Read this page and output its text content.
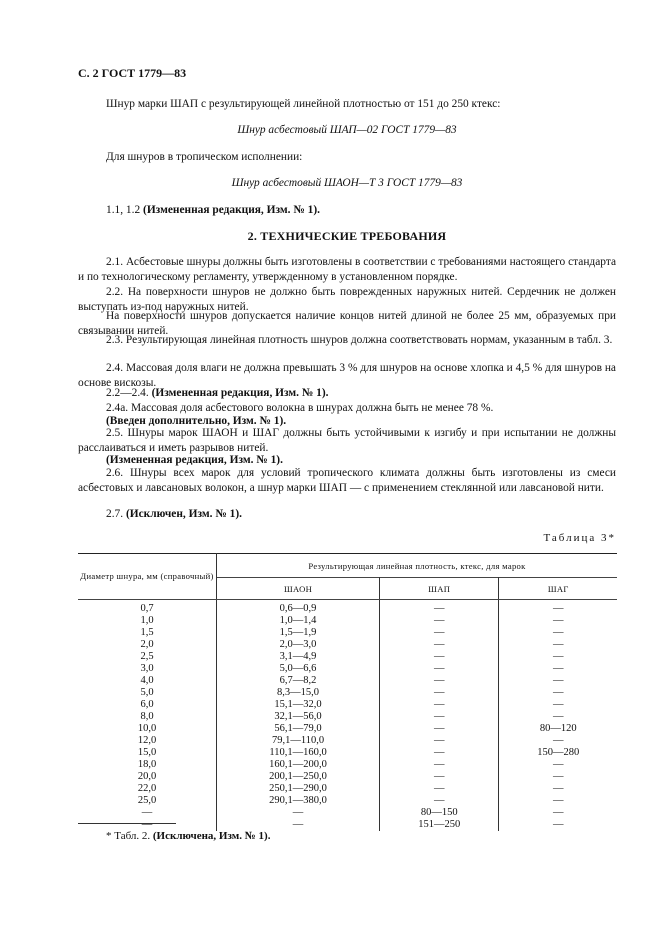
С. 2 ГОСТ 1779—83
Шнур марки ШАП с результирующей линейной плотностью от 151 до 250 ктекс:
Шнур асбестовый ШАП—02 ГОСТ 1779—83
Для шнуров в тропическом исполнении:
Шнур асбестовый ШАОН—Т 3 ГОСТ 1779—83
1.1, 1.2 (Измененная редакция, Изм. № 1).
2. ТЕХНИЧЕСКИЕ ТРЕБОВАНИЯ
2.1. Асбестовые шнуры должны быть изготовлены в соответствии с требованиями настоящего стандарта и по технологическому регламенту, утвержденному в установленном порядке.
2.2. На поверхности шнуров не должно быть поврежденных наружных нитей. Сердечник не должен выступать из-под наружных нитей.
На поверхности шнуров допускается наличие концов нитей длиной не более 25 мм, образуемых при связывании нитей.
2.3. Результирующая линейная плотность шнуров должна соответствовать нормам, указанным в табл. 3.
2.4. Массовая доля влаги не должна превышать 3 % для шнуров на основе хлопка и 4,5 % для шнуров на основе вискозы.
2.2—2.4. (Измененная редакция, Изм. № 1).
2.4а. Массовая доля асбестового волокна в шнурах должна быть не менее 78 %.
(Введен дополнительно, Изм. № 1).
2.5. Шнуры марок ШАОН и ШАГ должны быть устойчивыми к изгибу и при испытании не должны расслаиваться и иметь разрывов нитей.
(Измененная редакция, Изм. № 1).
2.6. Шнуры всех марок для условий тропического климата должны быть изготовлены из смеси асбестовых и лавсановых волокон, а шнур марки ШАП — с применением стеклянной или лавсановой нити.
2.7. (Исключен, Изм. № 1).
Таблица 3*
Диаметр шнура, мм (справочный)	Результирующая линейная плотность, ктекс, для марок		
	ШАОН	ШАП	ШАГ
0,7	0,6—0,9	—	—
1,0	1,0—1,4	—	—
1,5	1,5—1,9	—	—
2,0	2,0—3,0	—	—
2,5	3,1—4,9	—	—
3,0	5,0—6,6	—	—
4,0	6,7—8,2	—	—
5,0	8,3—15,0	—	—
6,0	15,1—32,0	—	—
8,0	32,1—56,0	—	—
10,0	56,1—79,0	—	80—120
12,0	79,1—110,0	—	—
15,0	110,1—160,0	—	150—280
18,0	160,1—200,0	—	—
20,0	200,1—250,0	—	—
22,0	250,1—290,0	—	—
25,0	290,1—380,0	—	—
—	—	80—150	—
—	—	151—250	—
* Табл. 2. (Исключена, Изм. № 1).
